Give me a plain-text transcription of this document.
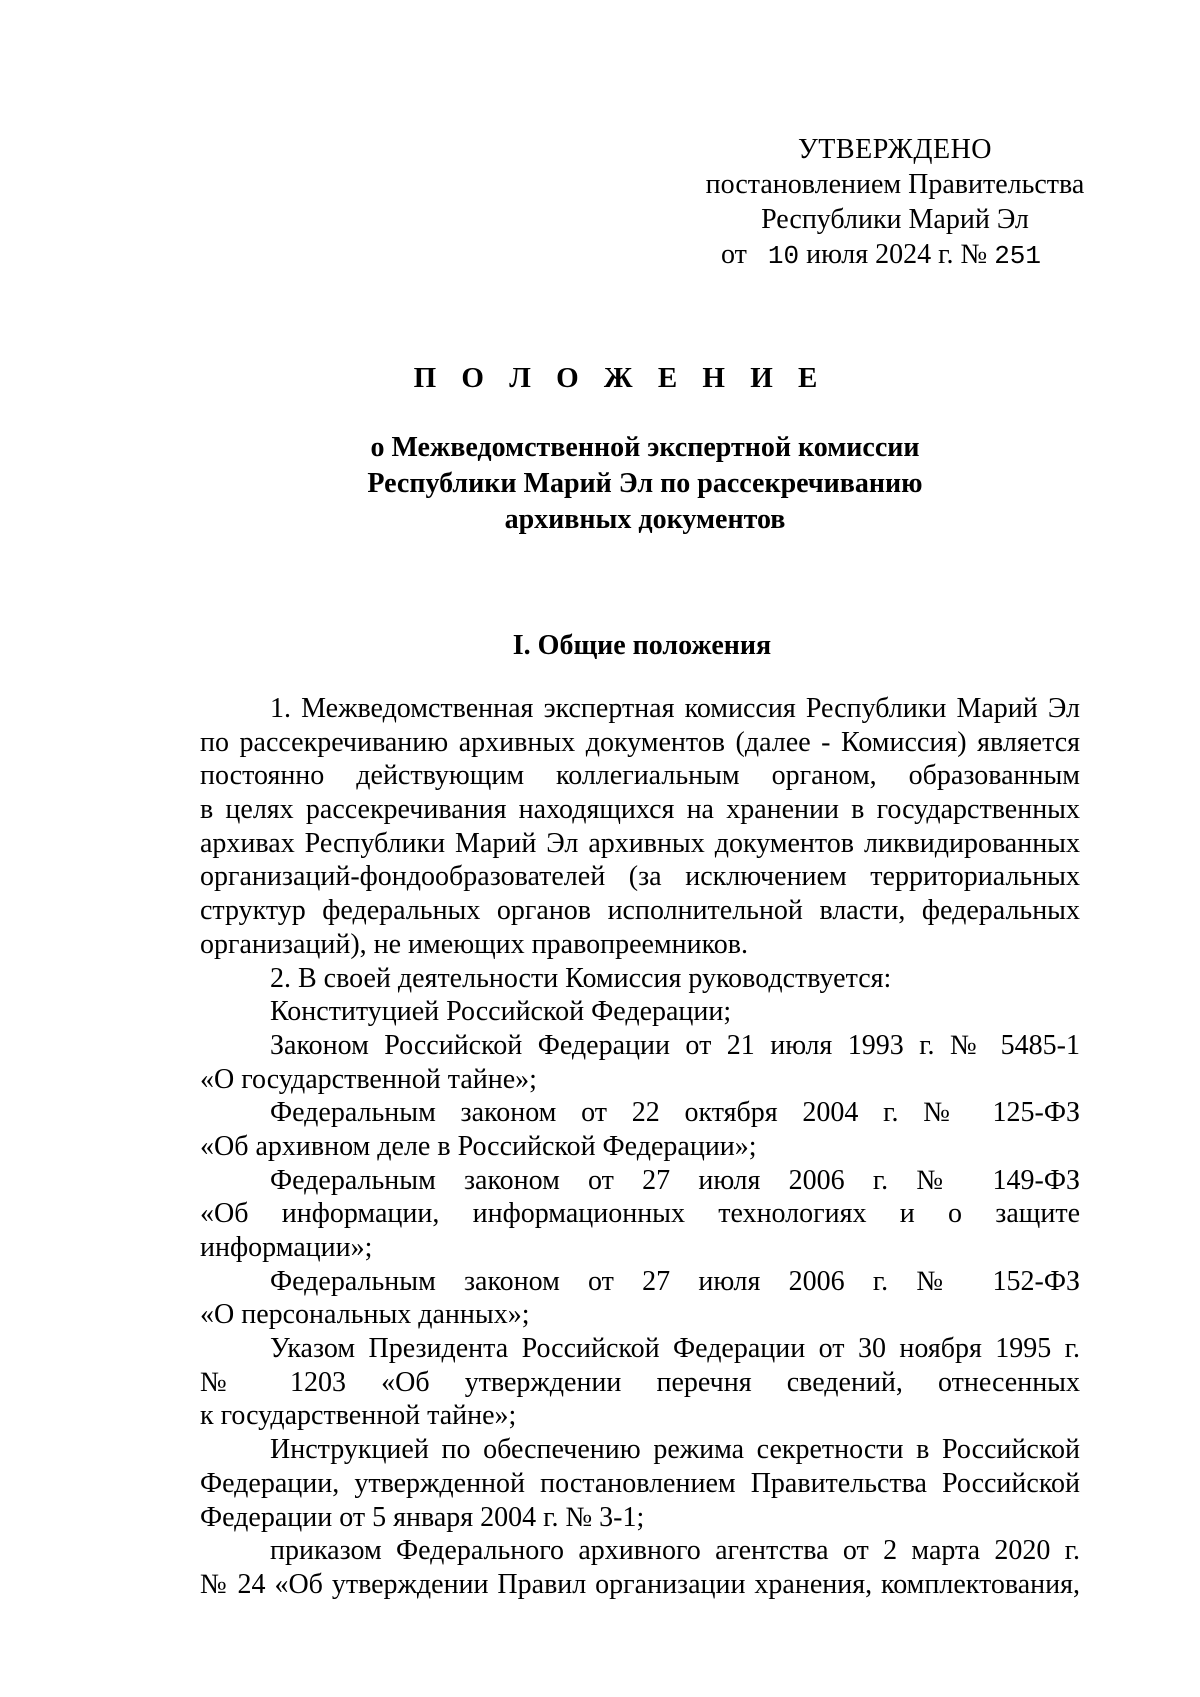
УТВЕРЖДЕНО
постановлением Правительства
Республики Марий Эл
от 10 июля 2024 г. № 251
П О Л О Ж Е Н И Е
о Межведомственной экспертной комиссии
Республики Марий Эл по рассекречиванию
архивных документов
I. Общие положения
1. Межведомственная экспертная комиссия Республики Марий Эл
по рассекречиванию архивных документов (далее - Комиссия) является
постоянно действующим коллегиальным органом, образованным
в целях рассекречивания находящихся на хранении в государственных
архивах Республики Марий Эл архивных документов ликвидированных
организаций-фондообразователей (за исключением территориальных
структур федеральных органов исполнительной власти, федеральных
организаций), не имеющих правопреемников.
2. В своей деятельности Комиссия руководствуется:
Конституцией Российской Федерации;
Законом Российской Федерации от 21 июля 1993 г. № 5485-1
«О государственной тайне»;
Федеральным законом от 22 октября 2004 г. № 125-ФЗ
«Об архивном деле в Российской Федерации»;
Федеральным законом от 27 июля 2006 г. № 149-ФЗ
«Об информации, информационных технологиях и о защите
информации»;
Федеральным законом от 27 июля 2006 г. № 152-ФЗ
«О персональных данных»;
Указом Президента Российской Федерации от 30 ноября 1995 г.
№ 1203 «Об утверждении перечня сведений, отнесенных
к государственной тайне»;
Инструкцией по обеспечению режима секретности в Российской
Федерации, утвержденной постановлением Правительства Российской
Федерации от 5 января 2004 г. № 3-1;
приказом Федерального архивного агентства от 2 марта 2020 г.
№ 24 «Об утверждении Правил организации хранения, комплектования,
